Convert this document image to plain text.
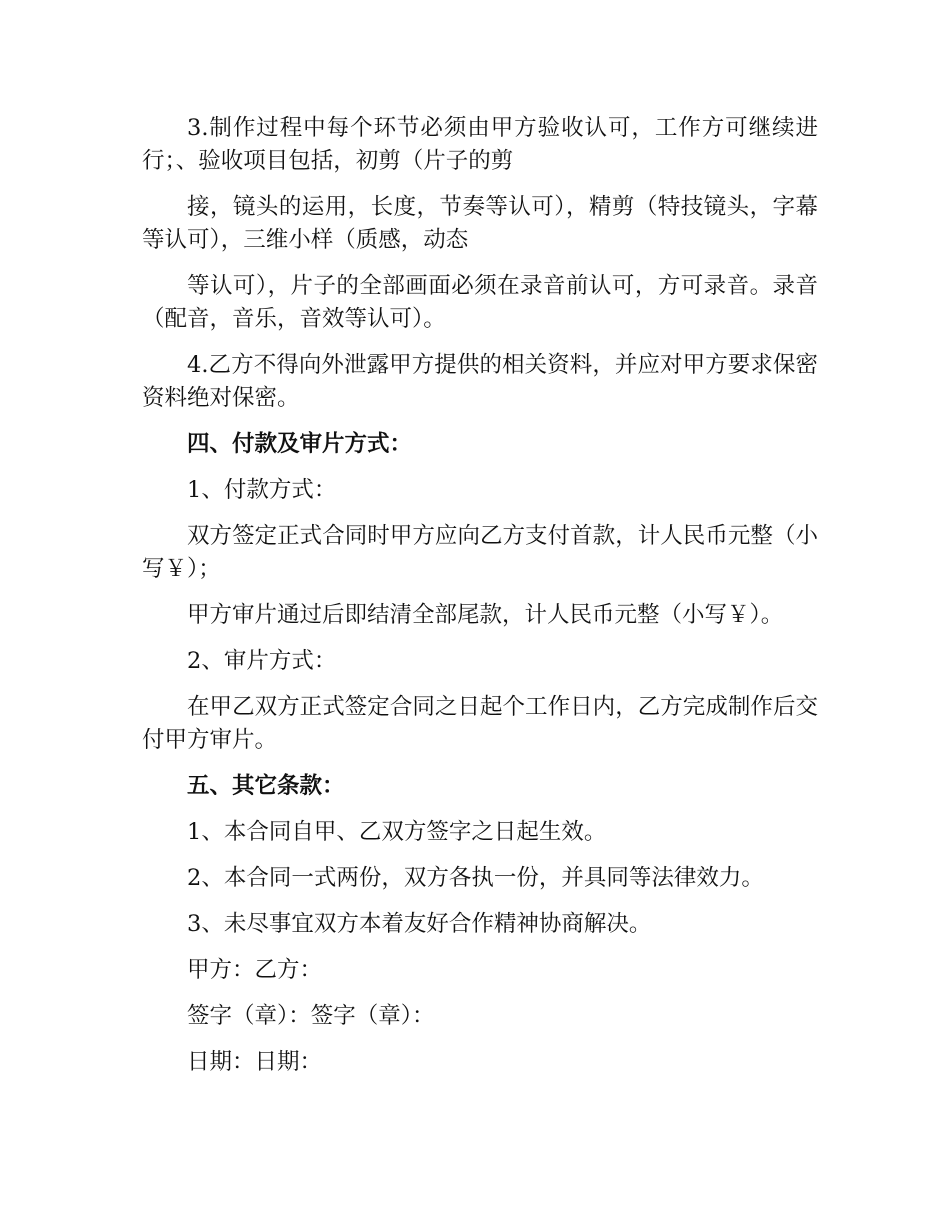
3.制作过程中每个环节必须由甲方验收认可，工作方可继续进行；、验收项目包括，初剪（片子的剪

接，镜头的运用，长度，节奏等认可），精剪（特技镜头，字幕等认可），三维小样（质感，动态

等认可），片子的全部画面必须在录音前认可，方可录音。录音（配音，音乐，音效等认可）。

4.乙方不得向外泄露甲方提供的相关资料，并应对甲方要求保密资料绝对保密。

四、付款及审片方式：

1、付款方式：

双方签定正式合同时甲方应向乙方支付首款，计人民币元整（小写￥）；

甲方审片通过后即结清全部尾款，计人民币元整（小写￥）。

2、审片方式：

在甲乙双方正式签定合同之日起个工作日内，乙方完成制作后交付甲方审片。

五、其它条款：

1、本合同自甲、乙双方签字之日起生效。

2、本合同一式两份，双方各执一份，并具同等法律效力。

3、未尽事宜双方本着友好合作精神协商解决。

甲方：乙方：

签字（章）：签字（章）：

日期：日期：
